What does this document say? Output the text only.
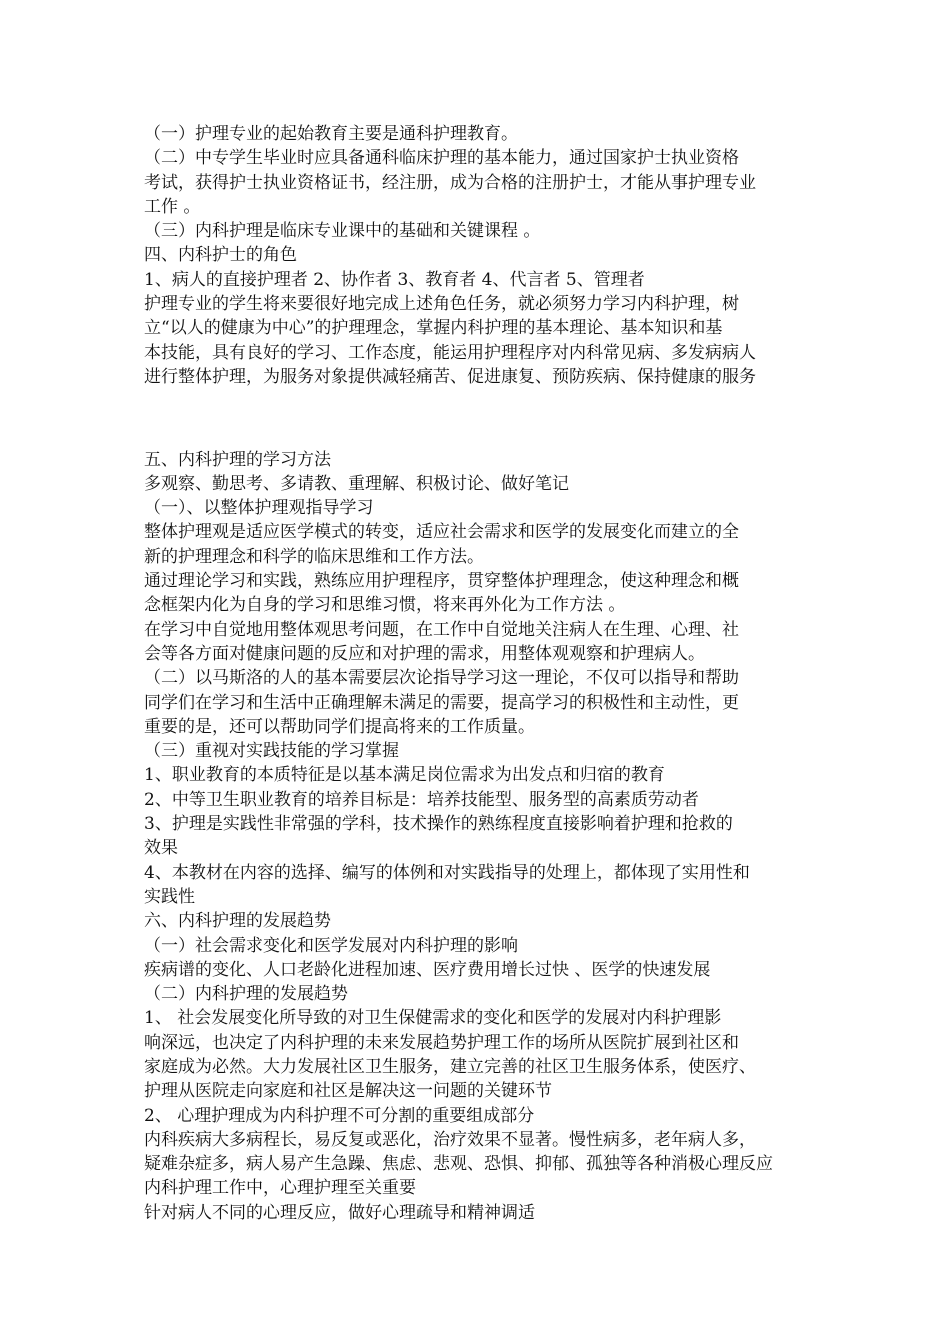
（一）护理专业的起始教育主要是通科护理教育。

（二）中专学生毕业时应具备通科临床护理的基本能力，通过国家护士执业资格

考试，获得护士执业资格证书，经注册，成为合格的注册护士，才能从事护理专业

工作 。

（三）内科护理是临床专业课中的基础和关键课程 。

四、内科护士的角色

1、病人的直接护理者 2、协作者 3、教育者 4、代言者 5、管理者

护理专业的学生将来要很好地完成上述角色任务，就必须努力学习内科护理，树

立“以人的健康为中心”的护理理念，掌握内科护理的基本理论、基本知识和基

本技能，具有良好的学习、工作态度，能运用护理程序对内科常见病、多发病病人

进行整体护理，为服务对象提供减轻痛苦、促进康复、预防疾病、保持健康的服务

五、内科护理的学习方法

多观察、勤思考、多请教、重理解、积极讨论、做好笔记

（一）、以整体护理观指导学习

整体护理观是适应医学模式的转变，适应社会需求和医学的发展变化而建立的全

新的护理理念和科学的临床思维和工作方法。

通过理论学习和实践，熟练应用护理程序，贯穿整体护理理念，使这种理念和概

念框架内化为自身的学习和思维习惯，将来再外化为工作方法 。

在学习中自觉地用整体观思考问题，在工作中自觉地关注病人在生理、心理、社

会等各方面对健康问题的反应和对护理的需求，用整体观观察和护理病人。

（二）以马斯洛的人的基本需要层次论指导学习这一理论，不仅可以指导和帮助

同学们在学习和生活中正确理解未满足的需要，提高学习的积极性和主动性，更

重要的是，还可以帮助同学们提高将来的工作质量。

（三）重视对实践技能的学习掌握

1、职业教育的本质特征是以基本满足岗位需求为出发点和归宿的教育

2、中等卫生职业教育的培养目标是：培养技能型、服务型的高素质劳动者

3、护理是实践性非常强的学科，技术操作的熟练程度直接影响着护理和抢救的

效果

4、本教材在内容的选择、编写的体例和对实践指导的处理上，都体现了实用性和

实践性

六、内科护理的发展趋势

（一）社会需求变化和医学发展对内科护理的影响

疾病谱的变化、人口老龄化进程加速、医疗费用增长过快 、医学的快速发展

（二）内科护理的发展趋势

1、 社会发展变化所导致的对卫生保健需求的变化和医学的发展对内科护理影

响深远，也决定了内科护理的未来发展趋势护理工作的场所从医院扩展到社区和

家庭成为必然。大力发展社区卫生服务，建立完善的社区卫生服务体系，使医疗、

护理从医院走向家庭和社区是解决这一问题的关键环节

2、 心理护理成为内科护理不可分割的重要组成部分

内科疾病大多病程长，易反复或恶化，治疗效果不显著。慢性病多，老年病人多，

疑难杂症多，病人易产生急躁、焦虑、悲观、恐惧、抑郁、孤独等各种消极心理反应

内科护理工作中，心理护理至关重要

针对病人不同的心理反应，做好心理疏导和精神调适
